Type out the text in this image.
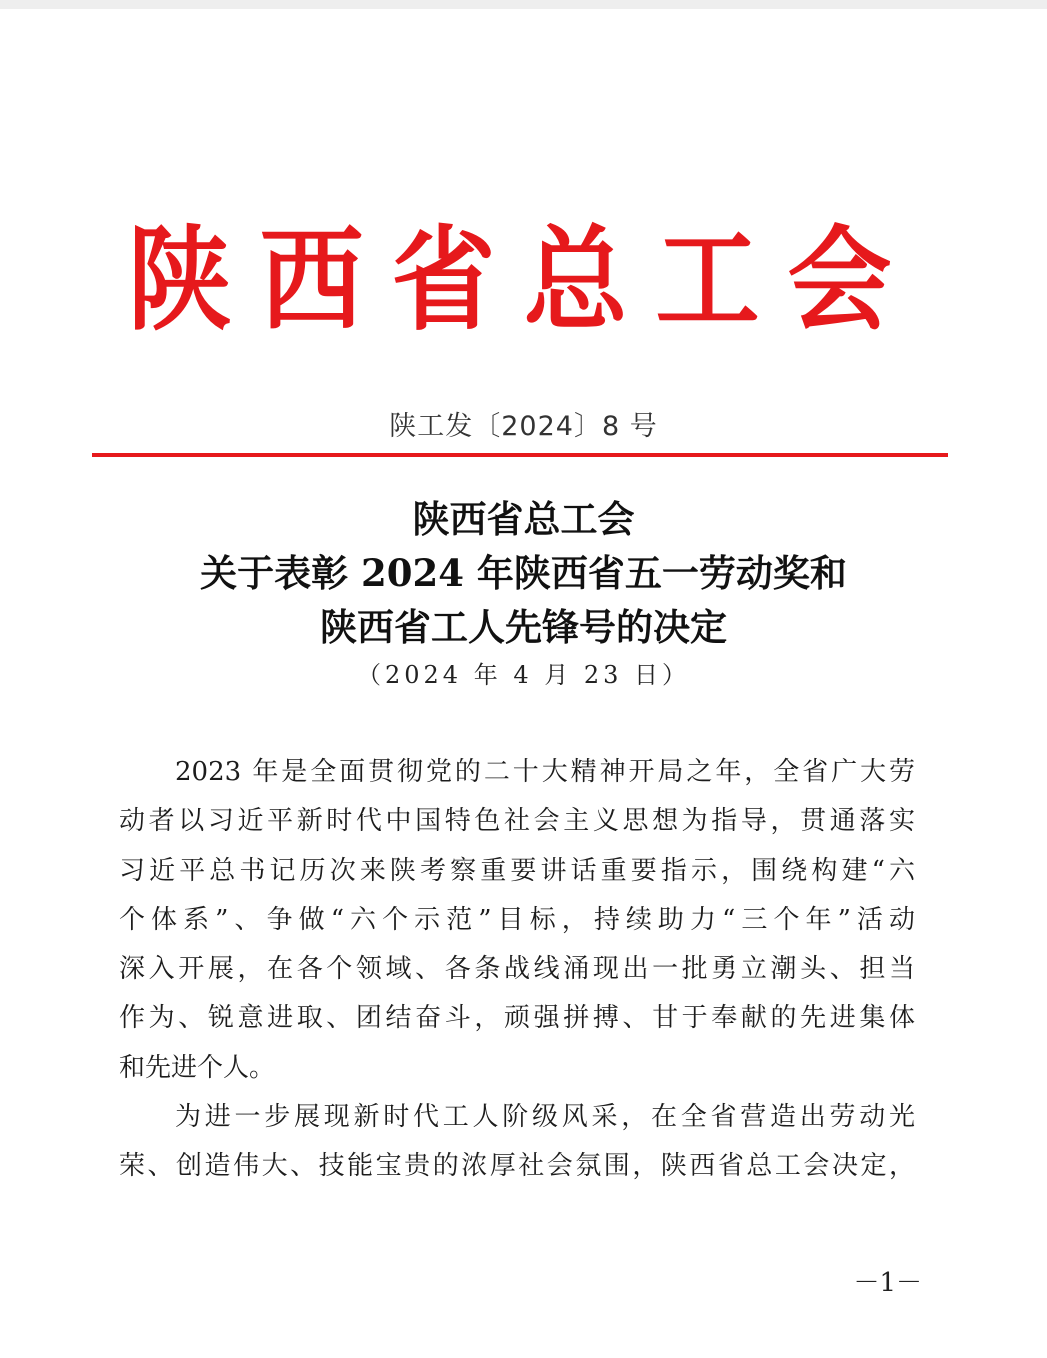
陕西省总工会
陕工发〔2024〕8 号
陕西省总工会
关于表彰 2024 年陕西省五一劳动奖和
陕西省工人先锋号的决定
（2024 年 4 月 23 日）
2023 年是全面贯彻党的二十大精神开局之年，全省广大劳
动者以习近平新时代中国特色社会主义思想为指导，贯通落实
习近平总书记历次来陕考察重要讲话重要指示，围绕构建“六
个体系”、争做“六个示范”目标，持续助力“三个年”活动
深入开展，在各个领域、各条战线涌现出一批勇立潮头、担当
作为、锐意进取、团结奋斗，顽强拼搏、甘于奉献的先进集体
和先进个人。
为进一步展现新时代工人阶级风采，在全省营造出劳动光
荣、创造伟大、技能宝贵的浓厚社会氛围，陕西省总工会决定，
－1－
